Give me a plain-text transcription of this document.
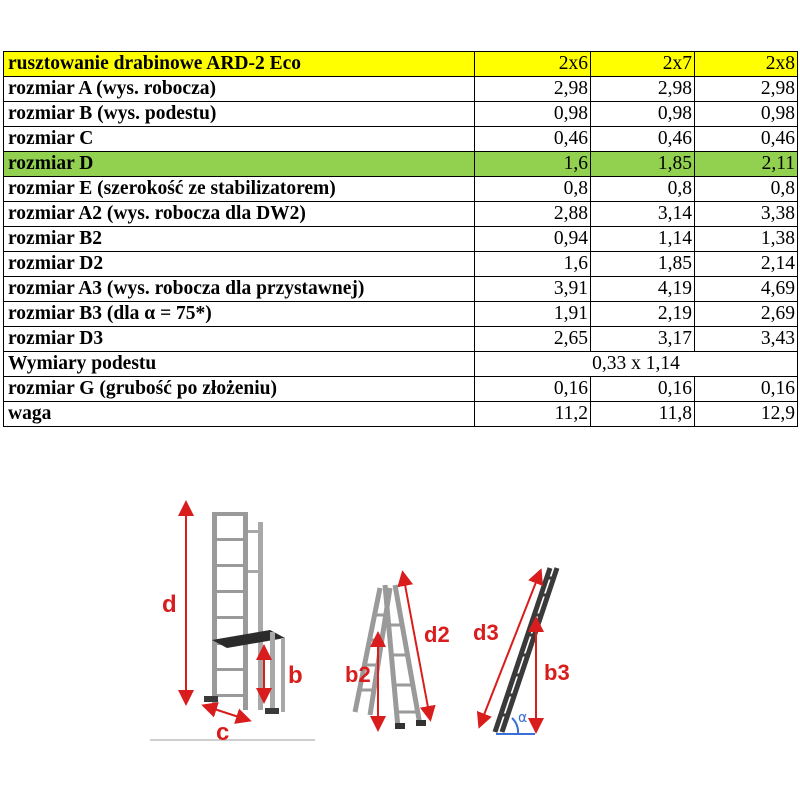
rusztowanie drabinowe ARD-2 Eco	2x6	2x7	2x8
rozmiar A (wys. robocza)	2,98	2,98	2,98
rozmiar B (wys. podestu)	0,98	0,98	0,98
rozmiar C	0,46	0,46	0,46
rozmiar D	1,6	1,85	2,11
rozmiar E (szerokość ze stabilizatorem)	0,8	0,8	0,8
rozmiar A2 (wys. robocza dla DW2)	2,88	3,14	3,38
rozmiar B2	0,94	1,14	1,38
rozmiar D2	1,6	1,85	2,14
rozmiar A3 (wys. robocza dla przystawnej)	3,91	4,19	4,69
rozmiar B3 (dla α = 75*)	1,91	2,19	2,69
rozmiar D3	2,65	3,17	3,43
Wymiary podestu	0,33 x 1,14		
rozmiar G (grubość po złożeniu)	0,16	0,16	0,16
waga	11,2	11,8	12,9
d
b
c
d2
b2
α
d3
b3
